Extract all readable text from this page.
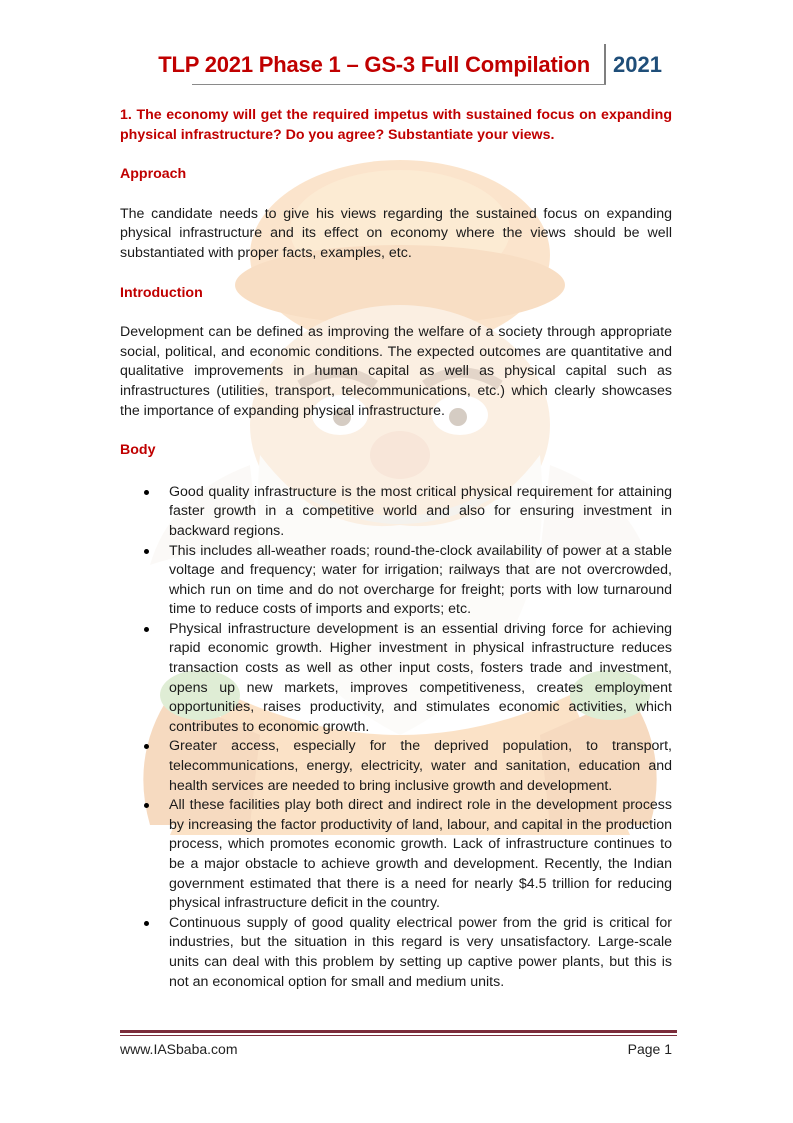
TLP 2021 Phase 1 – GS-3 Full Compilation 2021

1. The economy will get the required impetus with sustained focus on expanding physical infrastructure? Do you agree? Substantiate your views.

Approach

The candidate needs to give his views regarding the sustained focus on expanding physical infrastructure and its effect on economy where the views should be well substantiated with proper facts, examples, etc.

Introduction

Development can be defined as improving the welfare of a society through appropriate social, political, and economic conditions. The expected outcomes are quantitative and qualitative improvements in human capital as well as physical capital such as infrastructures (utilities, transport, telecommunications, etc.) which clearly showcases the importance of expanding physical infrastructure.

Body

Good quality infrastructure is the most critical physical requirement for attaining faster growth in a competitive world and also for ensuring investment in backward regions.
This includes all-weather roads; round-the-clock availability of power at a stable voltage and frequency; water for irrigation; railways that are not overcrowded, which run on time and do not overcharge for freight; ports with low turnaround time to reduce costs of imports and exports; etc.
Physical infrastructure development is an essential driving force for achieving rapid economic growth. Higher investment in physical infrastructure reduces transaction costs as well as other input costs, fosters trade and investment, opens up new markets, improves competitiveness, creates employment opportunities, raises productivity, and stimulates economic activities, which contributes to economic growth.
Greater access, especially for the deprived population, to transport, telecommunications, energy, electricity, water and sanitation, education and health services are needed to bring inclusive growth and development.
All these facilities play both direct and indirect role in the development process by increasing the factor productivity of land, labour, and capital in the production process, which promotes economic growth. Lack of infrastructure continues to be a major obstacle to achieve growth and development. Recently, the Indian government estimated that there is a need for nearly $4.5 trillion for reducing physical infrastructure deficit in the country.
Continuous supply of good quality electrical power from the grid is critical for industries, but the situation in this regard is very unsatisfactory. Large-scale units can deal with this problem by setting up captive power plants, but this is not an economical option for small and medium units.
www.IASbaba.com	Page 1
